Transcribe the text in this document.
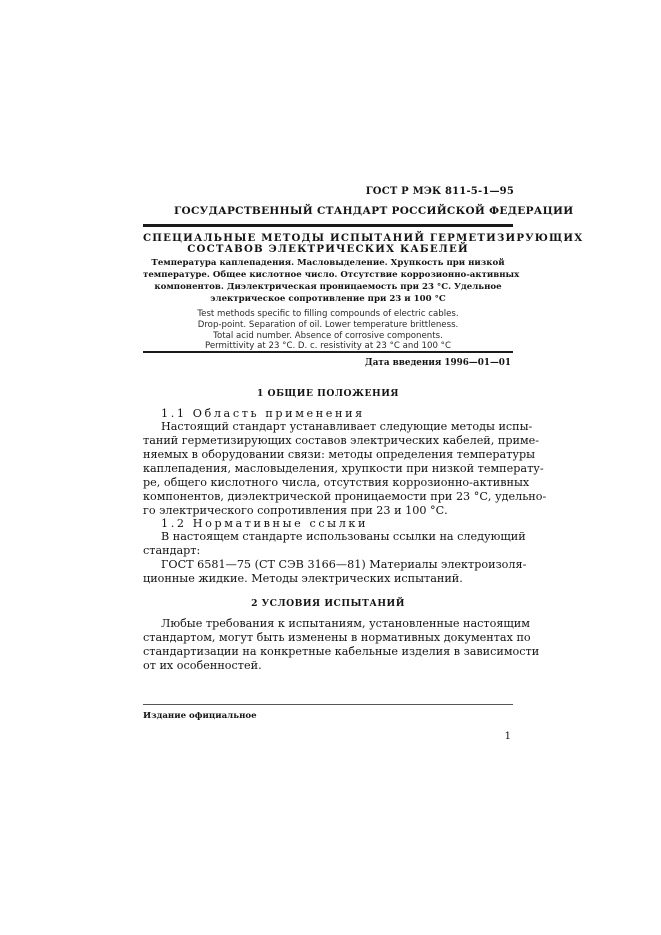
ГОСТ Р МЭК 811-5-1—95
ГОСУДАРСТВЕННЫЙ СТАНДАРТ РОССИЙСКОЙ ФЕДЕРАЦИИ
СПЕЦИАЛЬНЫЕ МЕТОДЫ ИСПЫТАНИЙ ГЕРМЕТИЗИРУЮЩИХ
СОСТАВОВ ЭЛЕКТРИЧЕСКИХ КАБЕЛЕЙ
Температура каплепадения. Масловыделение. Хрупкость при низкой
температуре. Общее кислотное число. Отсутствие коррозионно-активных
компонентов. Диэлектрическая проницаемость при 23 °С. Удельное
электрическое сопротивление при 23 и 100 °С
Test methods specific to filling compounds of electric cables.
Drop-point. Separation of oil. Lower temperature brittleness.
Total acid number. Absence of corrosive components.
Permittivity at 23 °C. D. c. resistivity at 23 °C and 100 °C
Дата введения 1996—01—01
1 ОБЩИЕ ПОЛОЖЕНИЯ
1.1 Область применения
Настоящий стандарт устанавливает следующие методы испы-
таний герметизирующих составов электрических кабелей, приме-
няемых в оборудовании связи: методы определения температуры
каплепадения, масловыделения, хрупкости при низкой температу-
ре, общего кислотного числа, отсутствия коррозионно-активных
компонентов, диэлектрической проницаемости при 23 °С, удельно-
го электрического сопротивления при 23 и 100 °С.
1.2 Нормативные ссылки
В настоящем стандарте использованы ссылки на следующий
стандарт:
ГОСТ 6581—75 (СТ СЭВ 3166—81) Материалы электроизоля-
ционные жидкие. Методы электрических испытаний.
2 УСЛОВИЯ ИСПЫТАНИЙ
Любые требования к испытаниям, установленные настоящим
стандартом, могут быть изменены в нормативных документах по
стандартизации на конкретные кабельные изделия в зависимости
от их особенностей.
Издание официальное
1
